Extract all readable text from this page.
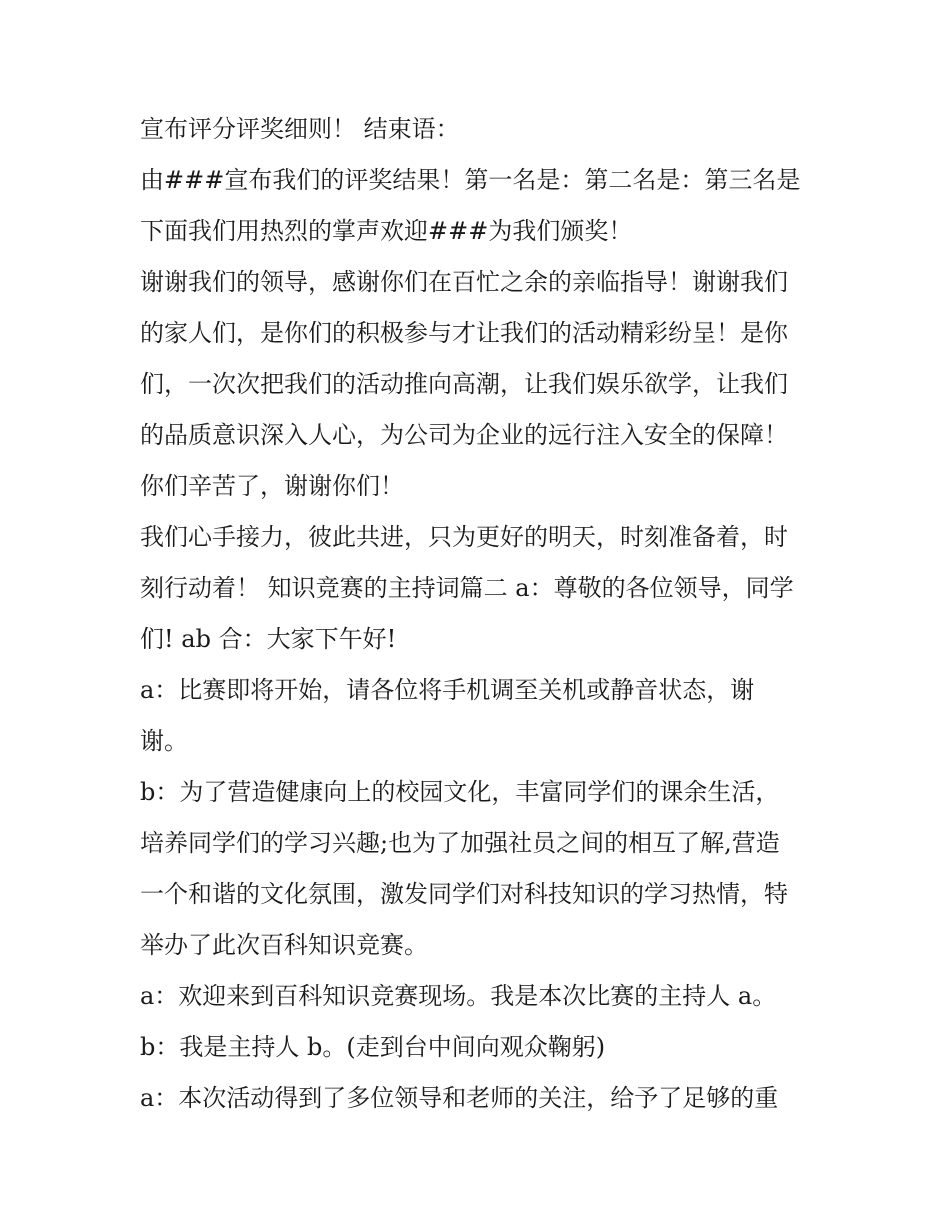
宣布评分评奖细则！ 结束语：
由###宣布我们的评奖结果！第一名是：第二名是：第三名是
下面我们用热烈的掌声欢迎###为我们颁奖！
谢谢我们的领导，感谢你们在百忙之余的亲临指导！谢谢我们
的家人们，是你们的积极参与才让我们的活动精彩纷呈！是你
们，一次次把我们的活动推向高潮，让我们娱乐欲学，让我们
的品质意识深入人心，为公司为企业的远行注入安全的保障！
你们辛苦了，谢谢你们！
我们心手接力，彼此共进，只为更好的明天，时刻准备着，时
刻行动着！ 知识竞赛的主持词篇二 a：尊敬的各位领导，同学
们! ab 合：大家下午好!
a：比赛即将开始，请各位将手机调至关机或静音状态，谢
谢。
b：为了营造健康向上的校园文化，丰富同学们的课余生活，
培养同学们的学习兴趣;也为了加强社员之间的相互了解,营造
一个和谐的文化氛围，激发同学们对科技知识的学习热情，特
举办了此次百科知识竞赛。
a：欢迎来到百科知识竞赛现场。我是本次比赛的主持人 a。
b：我是主持人 b。(走到台中间向观众鞠躬)
a：本次活动得到了多位领导和老师的关注，给予了足够的重
